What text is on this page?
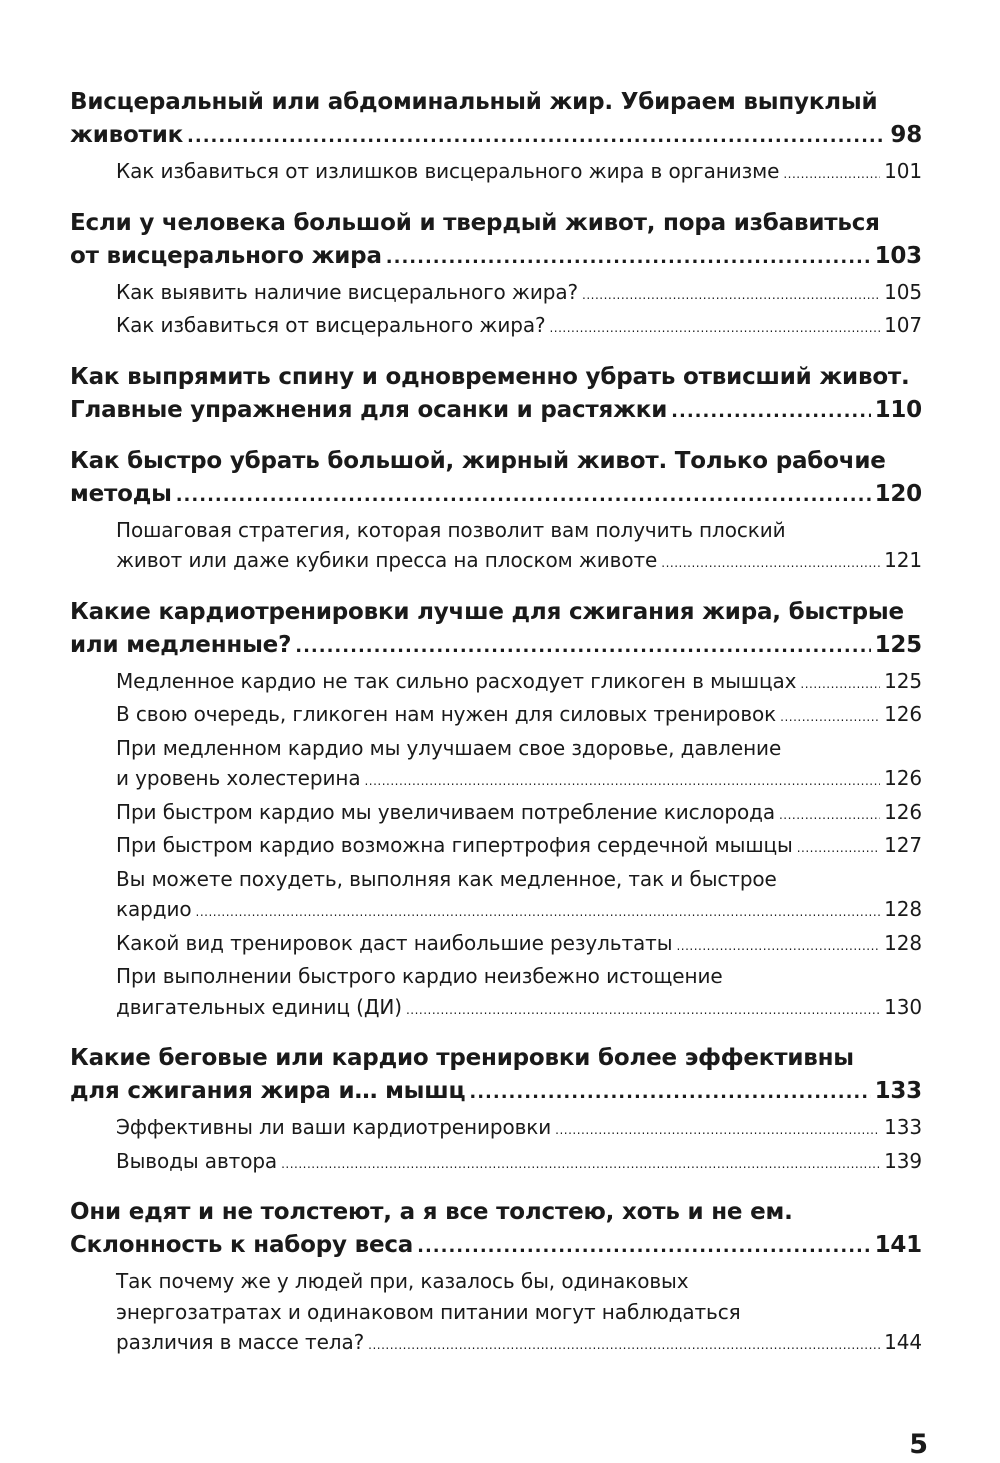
Висцеральный или абдоминальный жир. Убираем выпуклый
животик .....	98
Как избавиться от излишков висцерального жира в организме .....	101
Если у человека большой и твердый живот, пора избавиться
от висцерального жира .....	103
Как выявить наличие висцерального жира? .....	105
Как избавиться от висцерального жира? .....	107
Как выпрямить спину и одновременно убрать отвисший живот.
Главные упражнения для осанки и растяжки .....	110
Как быстро убрать большой, жирный живот. Только рабочие
методы .....	120
Пошаговая стратегия, которая позволит вам получить плоский
живот или даже кубики пресса на плоском животе .....	121
Какие кардиотренировки лучше для сжигания жира, быстрые
или медленные? .....	125
Медленное кардио не так сильно расходует гликоген в мышцах .....	125
В свою очередь, гликоген нам нужен для силовых тренировок .....	126
При медленном кардио мы улучшаем свое здоровье, давление
и уровень холестерина .....	126
При быстром кардио мы увеличиваем потребление кислорода .....	126
При быстром кардио возможна гипертрофия сердечной мышцы .....	127
Вы можете похудеть, выполняя как медленное, так и быстрое
кардио .....	128
Какой вид тренировок даст наибольшие результаты .....	128
При выполнении быстрого кардио неизбежно истощение
двигательных единиц (ДИ) .....	130
Какие беговые или кардио тренировки более эффективны
для сжигания жира и… мышц .....	133
Эффективны ли ваши кардиотренировки .....	133
Выводы автора .....	139
Они едят и не толстеют, а я все толстею, хоть и не ем.
Склонность к набору веса .....	141
Так почему же у людей при, казалось бы, одинаковых
энергозатратах и одинаковом питании могут наблюдаться
различия в массе тела? .....	144
5
